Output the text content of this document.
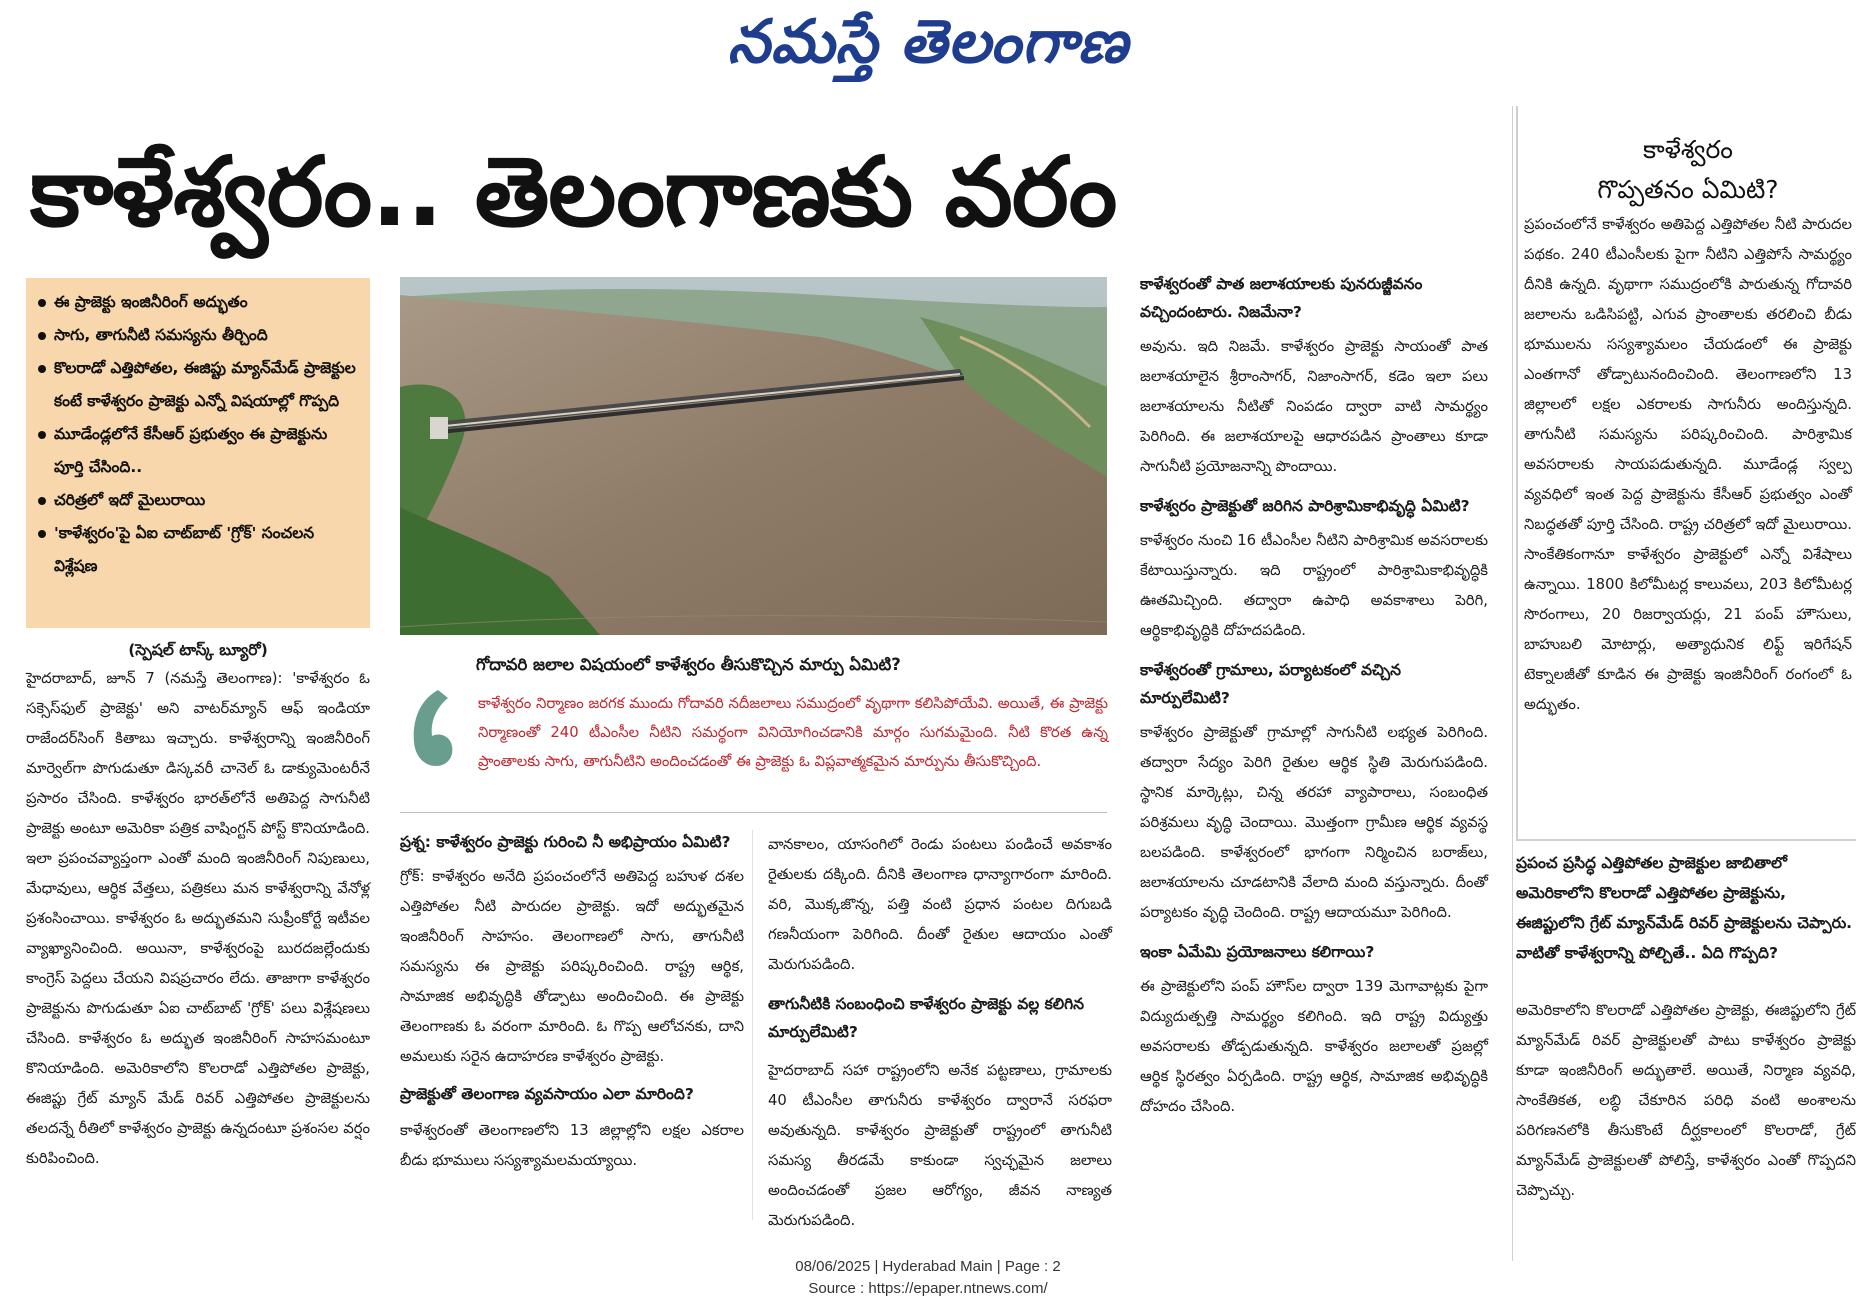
నమస్తే తెలంగాణ
కాళేశ్వరం.. తెలంగాణకు వరం
ఈ ప్రాజెక్టు ఇంజినీరింగ్ అద్భుతం
సాగు, తాగునీటి సమస్యను తీర్చింది
కొలరాడో ఎత్తిపోతల, ఈజిప్టు మ్యాన్‌మేడ్ ప్రాజెక్టుల కంటే కాళేశ్వరం ప్రాజెక్టు ఎన్నో విషయాల్లో గొప్పది
మూడేండ్లలోనే కేసీఆర్ ప్రభుత్వం ఈ ప్రాజెక్టును పూర్తి చేసింది..
చరిత్రలో ఇదో మైలురాయి
'కాళేశ్వరం'పై ఏఐ చాట్‌బాట్ 'గ్రోక్' సంచలన విశ్లేషణ
(స్పెషల్ టాస్క్ బ్యూరో)

హైదరాబాద్, జూన్ 7 (నమస్తే తెలంగాణ): 'కాళేశ్వరం ఓ సక్సెస్‌ఫుల్ ప్రాజెక్టు' అని వాటర్‌మ్యాన్ ఆఫ్ ఇండియా రాజేందర్‌సింగ్ కితాబు ఇచ్చారు. కాళేశ్వరాన్ని ఇంజినీరింగ్ మార్వెల్‌గా పొగుడుతూ డిస్కవరీ చానెల్ ఓ డాక్యుమెంటరీనే ప్రసారం చేసింది. కాళేశ్వరం భారత్‌లోనే అతిపెద్ద సాగునీటి ప్రాజెక్టు అంటూ అమెరికా పత్రిక వాషింగ్టన్ పోస్ట్ కొనియాడింది. ఇలా ప్రపంచవ్యాప్తంగా ఎంతో మంది ఇంజినీరింగ్ నిపుణులు, మేధావులు, ఆర్థిక వేత్తలు, పత్రికలు మన కాళేశ్వరాన్ని వేనోళ్ల ప్రశంసించాయి. కాళేశ్వరం ఓ అద్భుతమని సుప్రీంకోర్టే ఇటీవల వ్యాఖ్యానించింది. అయినా, కాళేశ్వరంపై బురదజల్లేందుకు కాంగ్రెస్ పెద్దలు చేయని విషప్రచారం లేదు. తాజాగా కాళేశ్వరం ప్రాజెక్టును పొగుడుతూ ఏఐ చాట్‌బాట్ 'గ్రోక్' పలు విశ్లేషణలు చేసింది. కాళేశ్వరం ఓ అద్భుత ఇంజినీరింగ్ సాహసమంటూ కొనియాడింది. అమెరికాలోని కొలరాడో ఎత్తిపోతల ప్రాజెక్టు, ఈజిప్టు గ్రేట్ మ్యాన్ మేడ్ రివర్ ఎత్తిపోతల ప్రాజెక్టులను తలదన్నే రీతిలో కాళేశ్వరం ప్రాజెక్టు ఉన్నదంటూ ప్రశంసల వర్షం కురిపించింది.

గోదావరి జలాల విషయంలో కాళేశ్వరం తీసుకొచ్చిన మార్పు ఏమిటి?
కాళేశ్వరం నిర్మాణం జరగక ముందు గోదావరి నదీజలాలు సముద్రంలో వృథాగా కలిసిపోయేవి. అయితే, ఈ ప్రాజెక్టు నిర్మాణంతో 240 టీఎంసీల నీటిని సమర్థంగా వినియోగించడానికి మార్గం సుగమమైంది. నీటి కొరత ఉన్న ప్రాంతాలకు సాగు, తాగునీటిని అందించడంతో ఈ ప్రాజెక్టు ఓ విప్లవాత్మకమైన మార్పును తీసుకొచ్చింది.
ప్రశ్న: కాళేశ్వరం ప్రాజెక్టు గురించి నీ అభిప్రాయం ఏమిటి?
గ్రోక్: కాళేశ్వరం అనేది ప్రపంచంలోనే అతిపెద్ద బహుళ దశల ఎత్తిపోతల నీటి పారుదల ప్రాజెక్టు. ఇదో అద్భుతమైన ఇంజినీరింగ్ సాహసం. తెలంగాణలో సాగు, తాగునీటి సమస్యను ఈ ప్రాజెక్టు పరిష్కరించింది. రాష్ట్ర ఆర్థిక, సామాజిక అభివృద్ధికి తోడ్పాటు అందించింది. ఈ ప్రాజెక్టు తెలంగాణకు ఓ వరంగా మారింది. ఓ గొప్ప ఆలోచనకు, దాని అమలుకు సరైన ఉదాహరణ కాళేశ్వరం ప్రాజెక్టు.
ప్రాజెక్టుతో తెలంగాణ వ్యవసాయం ఎలా మారింది?
కాళేశ్వరంతో తెలంగాణలోని 13 జిల్లాల్లోని లక్షల ఎకరాల బీడు భూములు సస్యశ్యామలమయ్యాయి.
వానకాలం, యాసంగిలో రెండు పంటలు పండించే అవకాశం రైతులకు దక్కింది. దీనికి తెలంగాణ ధాన్యాగారంగా మారింది. వరి, మొక్కజొన్న, పత్తి వంటి ప్రధాన పంటల దిగుబడి గణనీయంగా పెరిగింది. దీంతో రైతుల ఆదాయం ఎంతో మెరుగుపడింది.
తాగునీటికి సంబంధించి కాళేశ్వరం ప్రాజెక్టు వల్ల కలిగిన మార్పులేమిటి?
హైదరాబాద్ సహా రాష్ట్రంలోని అనేక పట్టణాలు, గ్రామాలకు 40 టీఎంసీల తాగునీరు కాళేశ్వరం ద్వారానే సరఫరా అవుతున్నది. కాళేశ్వరం ప్రాజెక్టుతో రాష్ట్రంలో తాగునీటి సమస్య తీరడమే కాకుండా స్వచ్ఛమైన జలాలు అందించడంతో ప్రజల ఆరోగ్యం, జీవన నాణ్యత మెరుగుపడింది.
కాళేశ్వరంతో పాత జలాశయాలకు పునరుజ్జీవనం వచ్చిందంటారు. నిజమేనా?
అవును. ఇది నిజమే. కాళేశ్వరం ప్రాజెక్టు సాయంతో పాత జలాశయాలైన శ్రీరాంసాగర్, నిజాంసాగర్, కడెం ఇలా పలు జలాశయాలను నీటితో నింపడం ద్వారా వాటి సామర్థ్యం పెరిగింది. ఈ జలాశయాలపై ఆధారపడిన ప్రాంతాలు కూడా సాగునీటి ప్రయోజనాన్ని పొందాయి.
కాళేశ్వరం ప్రాజెక్టుతో జరిగిన పారిశ్రామికాభివృద్ధి ఏమిటి?
కాళేశ్వరం నుంచి 16 టీఎంసీల నీటిని పారిశ్రామిక అవసరాలకు కేటాయిస్తున్నారు. ఇది రాష్ట్రంలో పారిశ్రామికాభివృద్ధికి ఊతమిచ్చింది. తద్వారా ఉపాధి అవకాశాలు పెరిగి, ఆర్థికాభివృద్ధికి దోహదపడింది.
కాళేశ్వరంతో గ్రామాలు, పర్యాటకంలో వచ్చిన మార్పులేమిటి?
కాళేశ్వరం ప్రాజెక్టుతో గ్రామాల్లో సాగునీటి లభ్యత పెరిగింది. తద్వారా సేద్యం పెరిగి రైతుల ఆర్థిక స్థితి మెరుగుపడింది. స్థానిక మార్కెట్లు, చిన్న తరహా వ్యాపారాలు, సంబంధిత పరిశ్రమలు వృద్ధి చెందాయి. మొత్తంగా గ్రామీణ ఆర్థిక వ్యవస్థ బలపడింది. కాళేశ్వరంలో భాగంగా నిర్మించిన బరాజ్‌లు, జలాశయాలను చూడటానికి వేలాది మంది వస్తున్నారు. దీంతో పర్యాటకం వృద్ధి చెందింది. రాష్ట్ర ఆదాయమూ పెరిగింది.
ఇంకా ఏమేమి ప్రయోజనాలు కలిగాయి?
ఈ ప్రాజెక్టులోని పంప్ హౌస్‌ల ద్వారా 139 మెగావాట్లకు పైగా విద్యుదుత్పత్తి సామర్థ్యం కలిగింది. ఇది రాష్ట్ర విద్యుత్తు అవసరాలకు తోడ్పడుతున్నది. కాళేశ్వరం జలాలతో ప్రజల్లో ఆర్థిక స్థిరత్వం ఏర్పడింది. రాష్ట్ర ఆర్థిక, సామాజిక అభివృద్ధికి దోహదం చేసింది.
కాళేశ్వరం
గొప్పతనం ఏమిటి?
ప్రపంచంలోనే కాళేశ్వరం అతిపెద్ద ఎత్తిపోతల నీటి పారుదల పథకం. 240 టీఎంసీలకు పైగా నీటిని ఎత్తిపోసే సామర్థ్యం దీనికి ఉన్నది. వృథాగా సముద్రంలోకి పారుతున్న గోదావరి జలాలను ఒడిసిపట్టి, ఎగువ ప్రాంతాలకు తరలించి బీడు భూములను సస్యశ్యామలం చేయడంలో ఈ ప్రాజెక్టు ఎంతగానో తోడ్పాటునందించింది. తెలంగాణలోని 13 జిల్లాలలో లక్షల ఎకరాలకు సాగునీరు అందిస్తున్నది. తాగునీటి సమస్యను పరిష్కరించింది. పారిశ్రామిక అవసరాలకు సాయపడుతున్నది. మూడేండ్ల స్వల్ప వ్యవధిలో ఇంత పెద్ద ప్రాజెక్టును కేసీఆర్ ప్రభుత్వం ఎంతో నిబద్ధతతో పూర్తి చేసింది. రాష్ట్ర చరిత్రలో ఇదో మైలురాయి. సాంకేతికంగానూ కాళేశ్వరం ప్రాజెక్టులో ఎన్నో విశేషాలు ఉన్నాయి. 1800 కిలోమీటర్ల కాలువలు, 203 కిలోమీటర్ల సొరంగాలు, 20 రిజర్వాయర్లు, 21 పంప్ హౌసులు, బాహుబలి మోటార్లు, అత్యాధునిక లిఫ్ట్ ఇరిగేషన్ టెక్నాలజీతో కూడిన ఈ ప్రాజెక్టు ఇంజినీరింగ్ రంగంలో ఓ అద్భుతం.
ప్రపంచ ప్రసిద్ధ ఎత్తిపోతల ప్రాజెక్టుల జాబితాలో అమెరికాలోని కొలరాడో ఎత్తిపోతల ప్రాజెక్టును, ఈజిప్టులోని గ్రేట్ మ్యాన్‌మేడ్ రివర్ ప్రాజెక్టులను చెప్పారు. వాటితో కాళేశ్వరాన్ని పోల్చితే.. ఏది గొప్పది?
అమెరికాలోని కొలరాడో ఎత్తిపోతల ప్రాజెక్టు, ఈజిప్టులోని గ్రేట్ మ్యాన్‌మేడ్ రివర్ ప్రాజెక్టులతో పాటు కాళేశ్వరం ప్రాజెక్టు కూడా ఇంజినీరింగ్ అద్భుతాలే. అయితే, నిర్మాణ వ్యవధి, సాంకేతికత, లబ్ధి చేకూరిన పరిధి వంటి అంశాలను పరిగణనలోకి తీసుకొంటే దీర్ఘకాలంలో కొలరాడో, గ్రేట్ మ్యాన్‌మేడ్ ప్రాజెక్టులతో పోలిస్తే, కాళేశ్వరం ఎంతో గొప్పదని చెప్పొచ్చు.
08/06/2025 | Hyderabad Main | Page : 2
Source : https://epaper.ntnews.com/
